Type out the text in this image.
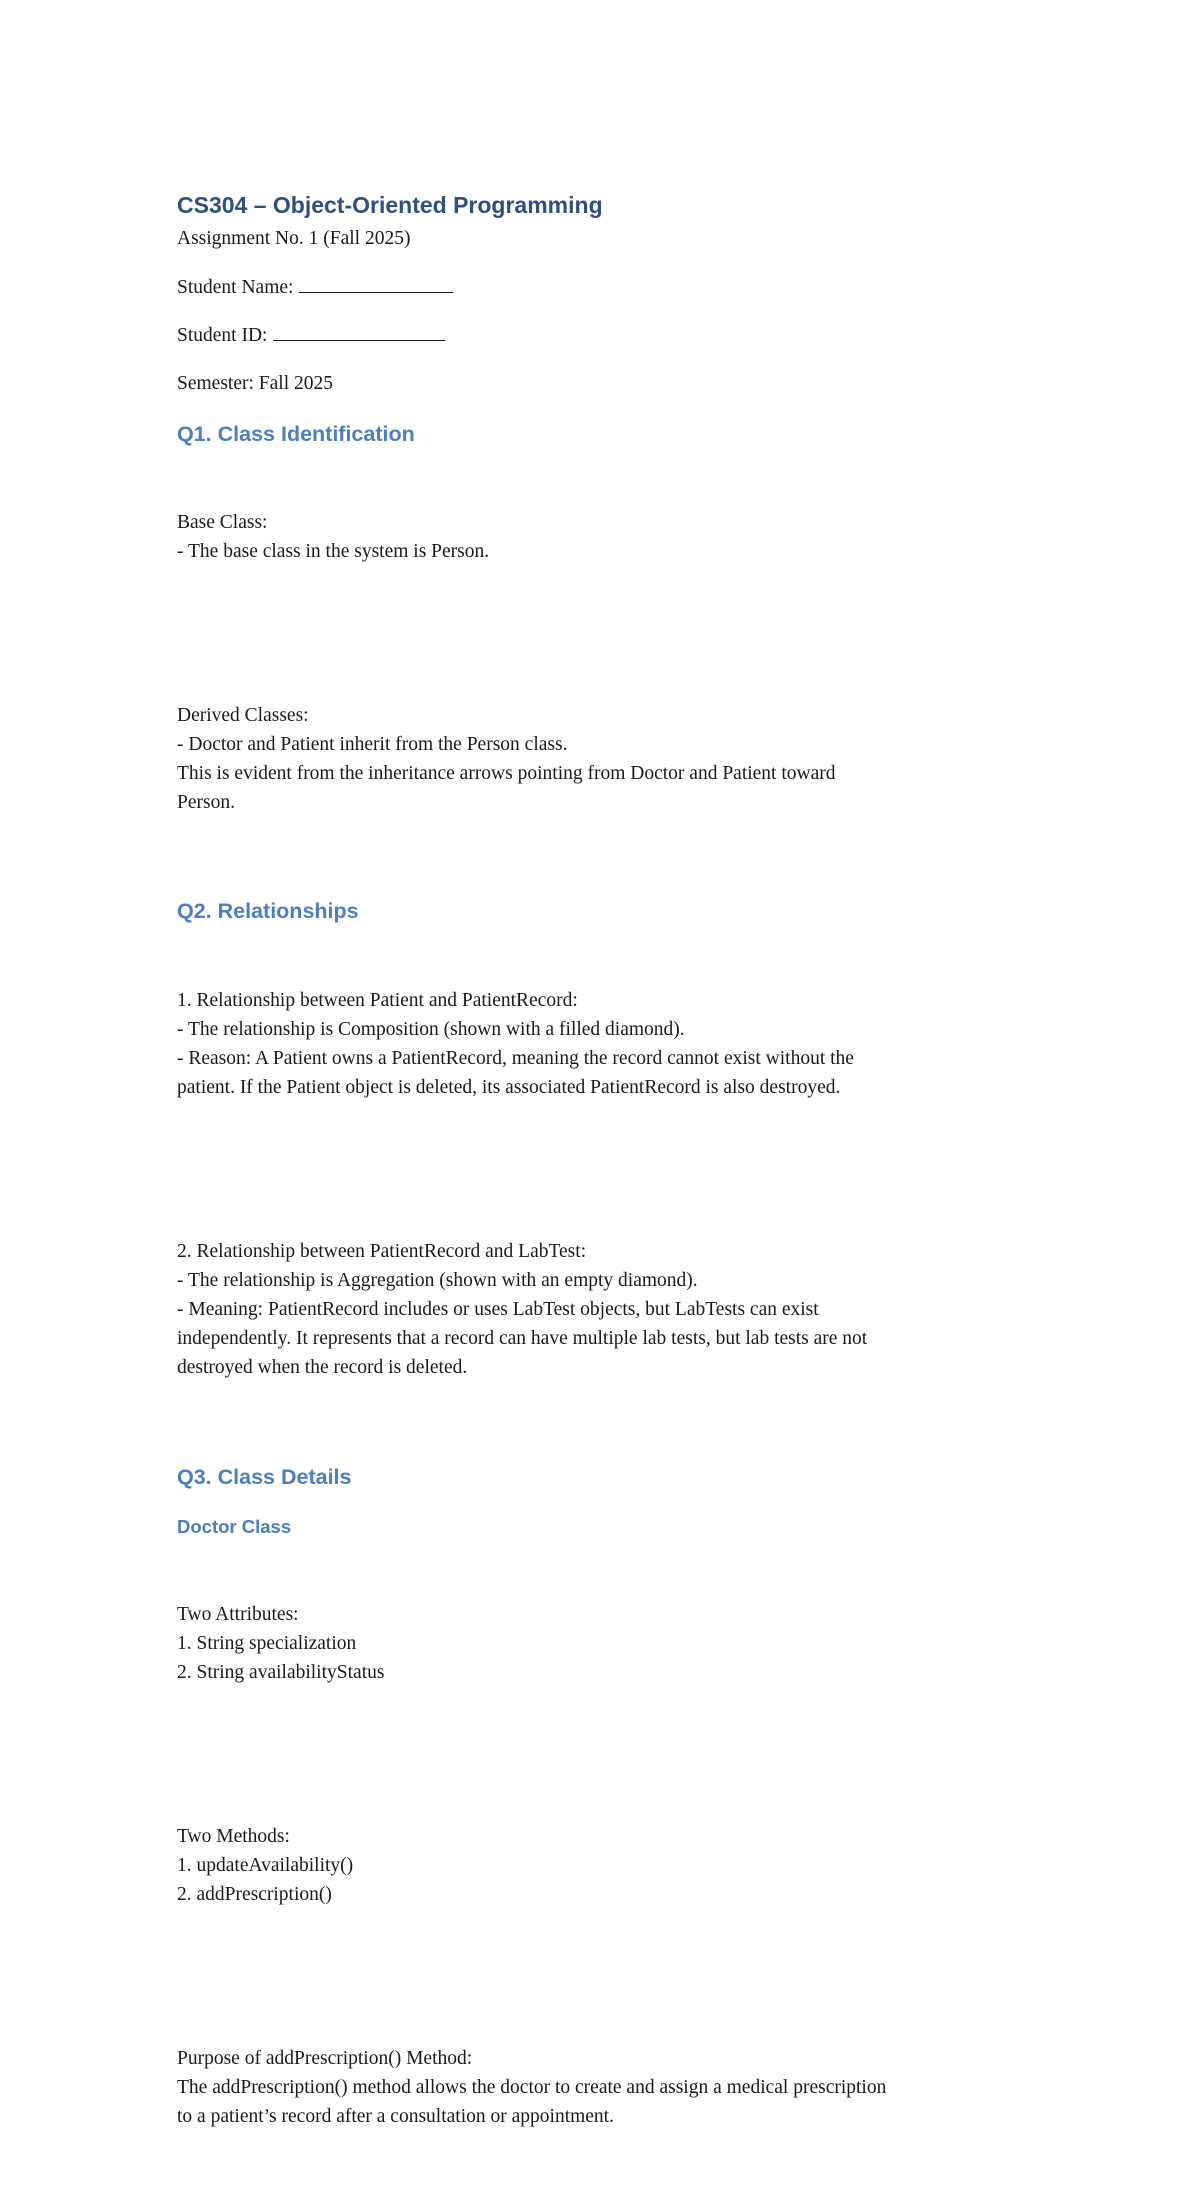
CS304 – Object-Oriented Programming

Assignment No. 1 (Fall 2025)

Student Name:

Student ID:

Semester: Fall 2025

Q1. Class Identification

Base Class:
- The base class in the system is Person.

Derived Classes:
- Doctor and Patient inherit from the Person class.
This is evident from the inheritance arrows pointing from Doctor and Patient toward
Person.

Q2. Relationships

1. Relationship between Patient and PatientRecord:
- The relationship is Composition (shown with a filled diamond).
- Reason: A Patient owns a PatientRecord, meaning the record cannot exist without the
patient. If the Patient object is deleted, its associated PatientRecord is also destroyed.

2. Relationship between PatientRecord and LabTest:
- The relationship is Aggregation (shown with an empty diamond).
- Meaning: PatientRecord includes or uses LabTest objects, but LabTests can exist
independently. It represents that a record can have multiple lab tests, but lab tests are not
destroyed when the record is deleted.

Q3. Class Details
Doctor Class

Two Attributes:
1. String specialization
2. String availabilityStatus

Two Methods:
1. updateAvailability()
2. addPrescription()

Purpose of addPrescription() Method:
The addPrescription() method allows the doctor to create and assign a medical prescription
to a patient’s record after a consultation or appointment.
